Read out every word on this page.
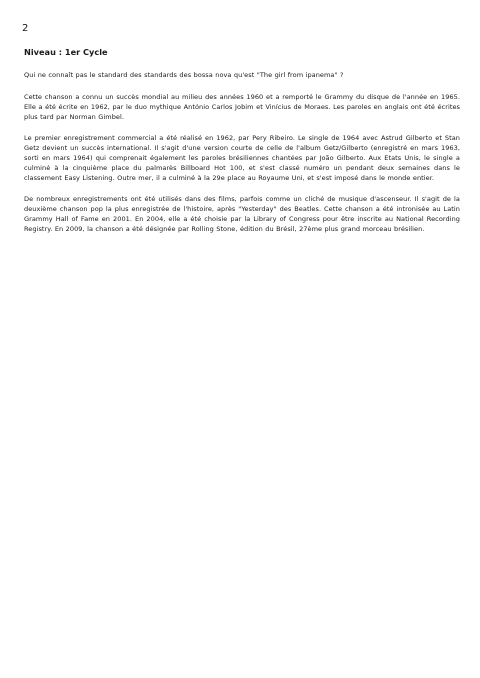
2
Niveau : 1er Cycle

Qui ne connaît pas le standard des standards des bossa nova qu'est "The girl from ipanema" ?

Cette chanson a connu un succès mondial au milieu des années 1960 et a remporté le Grammy du disque de l'année en 1965. Elle a été écrite en 1962, par le duo mythique António Carlos Jobim et Vinícius de Moraes. Les paroles en anglais ont été écrites plus tard par Norman Gimbel.

Le premier enregistrement commercial a été réalisé en 1962, par Pery Ribeiro. Le single de 1964 avec Astrud Gilberto et Stan Getz devient un succès international. Il s'agit d'une version courte de celle de l'album Getz/Gilberto (enregistré en mars 1963, sorti en mars 1964) qui comprenait également les paroles brésiliennes chantées par João Gilberto. Aux Etats Unis, le single a culminé à la cinquième place du palmarès Billboard Hot 100, et s'est classé numéro un pendant deux semaines dans le classement Easy Listening. Outre mer, il a culminé à la 29e place au Royaume Uni, et s'est imposé dans le monde entier.

De nombreux enregistrements ont été utilisés dans des films, parfois comme un cliché de musique d'ascenseur. Il s'agit de la deuxième chanson pop la plus enregistrée de l'histoire, après "Yesterday" des Beatles. Cette chanson a été intronisée au Latin Grammy Hall of Fame en 2001. En 2004, elle a été choisie par la Library of Congress pour être inscrite au National Recording Registry. En 2009, la chanson a été désignée par Rolling Stone, édition du Brésil, 27ème plus grand morceau brésilien.
